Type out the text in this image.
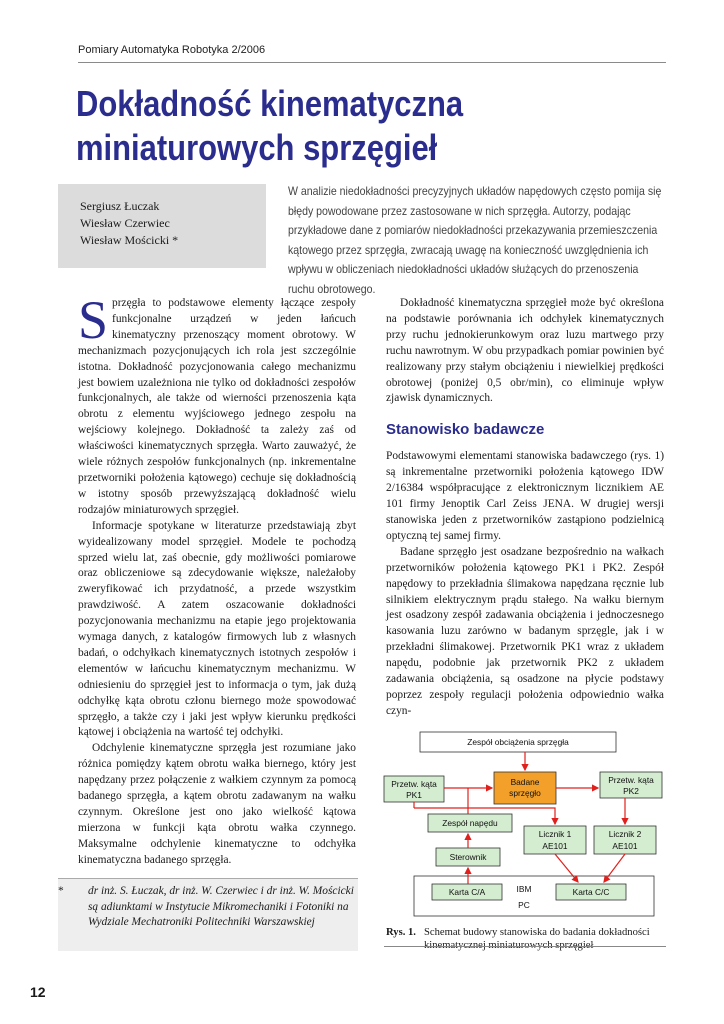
Pomiary Automatyka Robotyka 2/2006
Dokładność kinematyczna
miniaturowych sprzęgieł
Sergiusz Łuczak
Wiesław Czerwiec
Wiesław Mościcki *

W analizie niedokładności precyzyjnych układów napędowych często pomija się błędy powodowane przez zastosowane w nich sprzęgła. Autorzy, podając przykładowe dane z pomiarów niedokładności przekazywania przemieszczenia kątowego przez sprzęgła, zwracają uwagę na konieczność uwzględnienia ich wpływu w obliczeniach niedokładności układów służących do przenoszenia ruchu obrotowego.

Sprzęgła to podstawowe elementy łączące zespoły funkcjonalne urządzeń w jeden łańcuch kinematyczny przenoszący moment obrotowy. W mechanizmach pozycjonujących ich rola jest szczególnie istotna. Dokładność pozycjonowania całego mechanizmu jest bowiem uzależniona nie tylko od dokładności zespołów funkcjonalnych, ale także od wierności przenoszenia kąta obrotu z elementu wyjściowego jednego zespołu na wejściowy kolejnego. Dokładność ta zależy zaś od właściwości kinematycznych sprzęgła. Warto zauważyć, że wiele różnych zespołów funkcjonalnych (np. inkrementalne przetworniki położenia kątowego) cechuje się dokładnością w istotny sposób przewyższającą dokładność wielu rodzajów miniaturowych sprzęgieł.

Informacje spotykane w literaturze przedstawiają zbyt wyidealizowany model sprzęgieł. Modele te pochodzą sprzed wielu lat, zaś obecnie, gdy możliwości pomiarowe oraz obliczeniowe są zdecydowanie większe, należałoby zweryfikować ich przydatność, a przede wszystkim prawdziwość. A zatem oszacowanie dokładności pozycjonowania mechanizmu na etapie jego projektowania wymaga danych, z katalogów firmowych lub z własnych badań, o odchyłkach kinematycznych istotnych zespołów i elementów w łańcuchu kinematycznym mechanizmu. W odniesieniu do sprzęgieł jest to informacja o tym, jak dużą odchyłkę kąta obrotu członu biernego może spowodować sprzęgło, a także czy i jaki jest wpływ kierunku prędkości kątowej i obciążenia na wartość tej odchyłki.

Odchylenie kinematyczne sprzęgła jest rozumiane jako różnica pomiędzy kątem obrotu wałka biernego, który jest napędzany przez połączenie z wałkiem czynnym za pomocą badanego sprzęgła, a kątem obrotu zadawanym na wałku czynnym. Określone jest ono jako wielkość kątowa mierzona w funkcji kąta obrotu wałka czynnego. Maksymalne odchylenie kinematyczne to odchyłka kinematyczna badanego sprzęgła.

Dokładność kinematyczna sprzęgieł może być określona na podstawie porównania ich odchyłek kinematycznych przy ruchu jednokierunkowym oraz luzu martwego przy ruchu nawrotnym. W obu przypadkach pomiar powinien być realizowany przy stałym obciążeniu i niewielkiej prędkości obrotowej (poniżej 0,5 obr/min), co eliminuje wpływ zjawisk dynamicznych.

Stanowisko badawcze

Podstawowymi elementami stanowiska badawczego (rys. 1) są inkrementalne przetworniki położenia kątowego IDW 2/16384 współpracujące z elektronicznym licznikiem AE 101 firmy Jenoptik Carl Zeiss JENA. W drugiej wersji stanowiska jeden z przetworników zastąpiono podzielnicą optyczną tej samej firmy.

Badane sprzęgło jest osadzane bezpośrednio na wałkach przetworników położenia kątowego PK1 i PK2. Zespół napędowy to przekładnia ślimakowa napędzana ręcznie lub silnikiem elektrycznym prądu stałego. Na wałku biernym jest osadzony zespół zadawania obciążenia i jednoczesnego kasowania luzu zarówno w badanym sprzęgle, jak i w przekładni ślimakowej. Przetwornik PK1 wraz z układem napędu, podobnie jak przetwornik PK2 z układem zadawania obciążenia, są osadzone na płycie podstawy poprzez zespoły regulacji położenia odpowiednio wałka czyn-

Zespół obciążenia sprzęgła
Przetw. kąta
PK1
Badane
sprzęgło
Przetw. kąta
PK2
Zespół napędu
Licznik 1
AE101
Licznik 2
AE101
Sterownik
Karta C/A	IBM
PC
Karta C/C
Rys. 1. Schemat budowy stanowiska do badania dokładności
* dr inż. S. Łuczak, dr inż. W. Czerwiec i dr inż. W. Mościcki są adiunktami w Instytucie Mikromechaniki i Fotoniki na Wydziale Mechatroniki Politechniki Warszawskiej
12
